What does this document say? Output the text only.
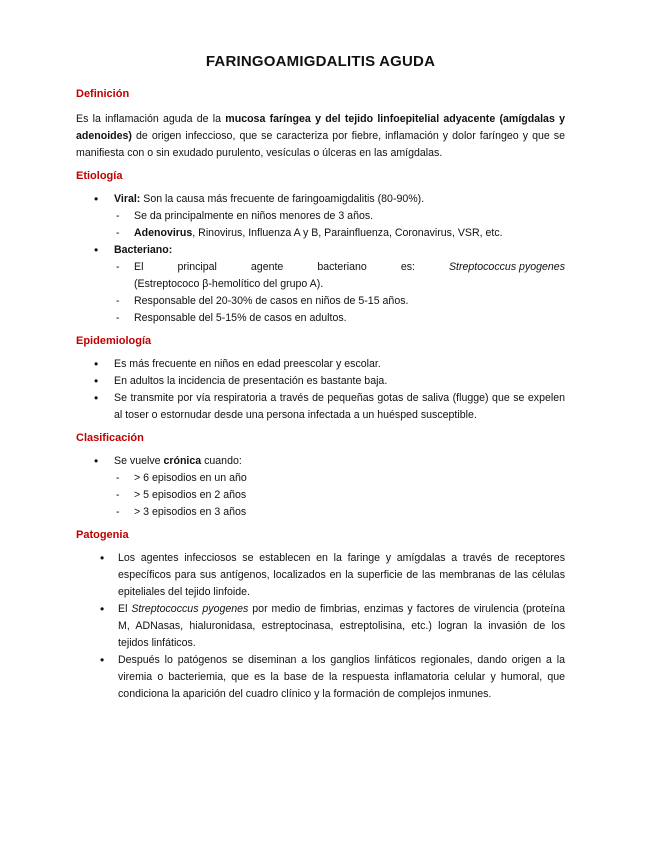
FARINGOAMIGDALITIS AGUDA
Definición

Es la inflamación aguda de la mucosa faríngea y del tejido linfoepitelial adyacente (amígdalas y adenoides) de origen infeccioso, que se caracteriza por fiebre, inflamación y dolor faríngeo y que se manifiesta con o sin exudado purulento, vesículas o úlceras en las amígdalas.

Etiología
• Viral: Son la causa más frecuente de faringoamigdalitis (80-90%).
- Se da principalmente en niños menores de 3 años.
- Adenovirus, Rinovirus, Influenza A y B, Parainfluenza, Coronavirus, VSR, etc.
• Bacteriano:
- El	principal	agente	bacteriano	es:	Streptococcus pyogenes
(Estreptococo β-hemolítico del grupo A).
- Responsable del 20-30% de casos en niños de 5-15 años.
- Responsable del 5-15% de casos en adultos.
Epidemiología
• Es más frecuente en niños en edad preescolar y escolar.
• En adultos la incidencia de presentación es bastante baja.
• Se transmite por vía respiratoria a través de pequeñas gotas de saliva (flugge) que se expelen al toser o estornudar desde una persona infectada a un huésped susceptible.
Clasificación
• Se vuelve crónica cuando:
- > 6 episodios en un año
- > 5 episodios en 2 años
- > 3 episodios en 3 años
Patogenia
• Los agentes infecciosos se establecen en la faringe y amígdalas a través de receptores específicos para sus antígenos, localizados en la superficie de las membranas de las células epiteliales del tejido linfoide.
• El Streptococcus pyogenes por medio de fimbrias, enzimas y factores de virulencia (proteína M, ADNasas, hialuronidasa, estreptocinasa, estreptolisina, etc.) logran la invasión de los tejidos linfáticos.
• Después lo patógenos se diseminan a los ganglios linfáticos regionales, dando origen a la viremia o bacteriemia, que es la base de la respuesta inflamatoria celular y humoral, que condiciona la aparición del cuadro clínico y la formación de complejos inmunes.
